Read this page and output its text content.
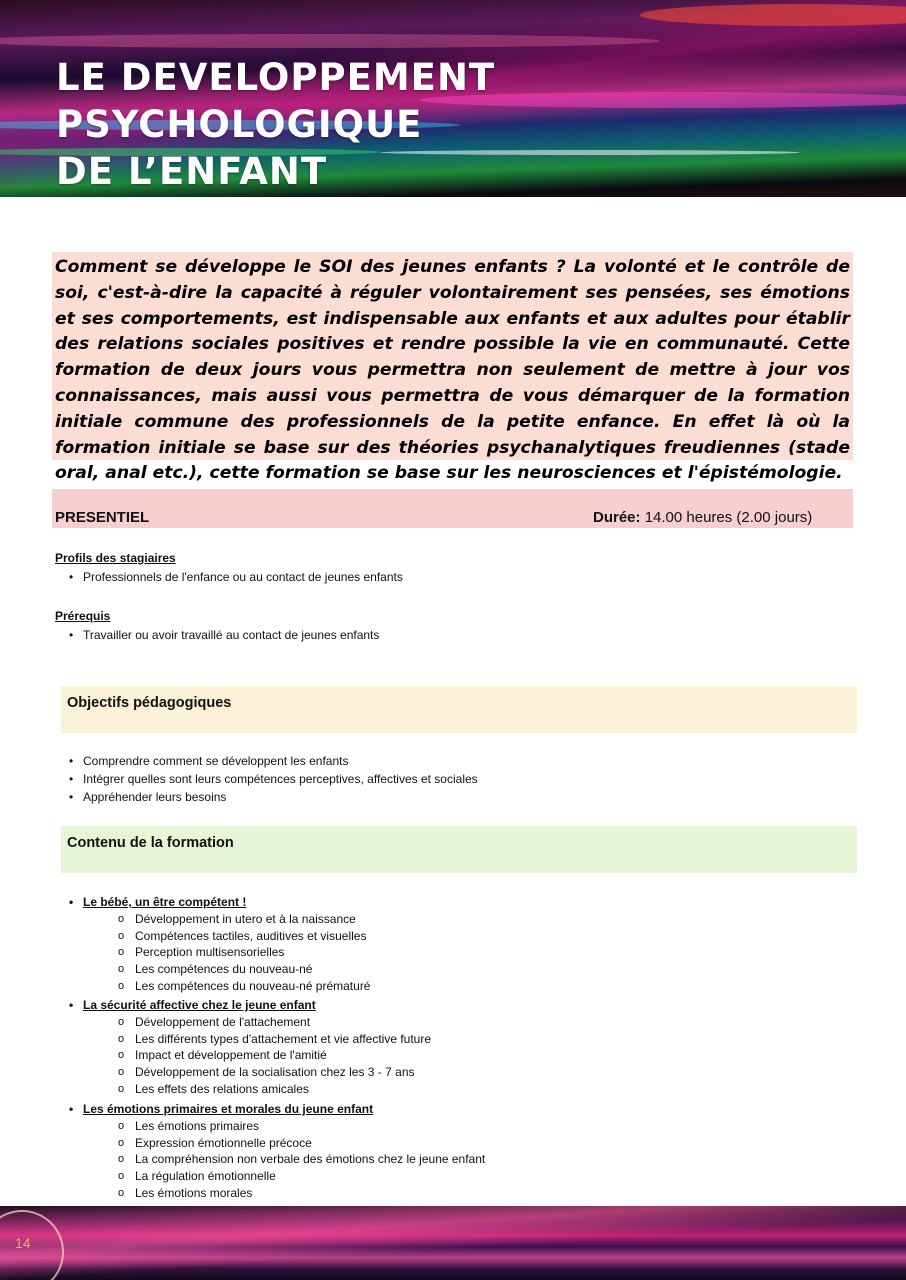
LE DEVELOPPEMENT PSYCHOLOGIQUE
DE L’ENFANT
Comment se développe le SOI des jeunes enfants ? La volonté et le contrôle de soi, c'est-à-dire la capacité à réguler volontairement ses pensées, ses émotions et ses comportements, est indispensable aux enfants et aux adultes pour établir des relations sociales positives et rendre possible la vie en communauté. Cette formation de deux jours vous permettra non seulement de mettre à jour vos connaissances, mais aussi vous permettra de vous démarquer de la formation initiale commune des professionnels de la petite enfance. En effet là où la formation initiale se base sur des théories psychanalytiques freudiennes (stade oral, anal etc.), cette formation se base sur les neurosciences et l'épistémologie.
PRESENTIEL	Durée: 14.00 heures (2.00 jours)
Profils des stagiaires
• Professionnels de l'enfance ou au contact de jeunes enfants
Prérequis
• Travailler ou avoir travaillé au contact de jeunes enfants
Objectifs pédagogiques
• Comprendre comment se développent les enfants
• Intégrer quelles sont leurs compétences perceptives, affectives et sociales
• Appréhender leurs besoins
Contenu de la formation
• Le bébé, un être compétent !
o Développement in utero et à la naissance
o Compétences tactiles, auditives et visuelles
o Perception multisensorielles
o Les compétences du nouveau-né
o Les compétences du nouveau-né prématuré
• La sécurité affective chez le jeune enfant
o Développement de l'attachement
o Les différents types d'attachement et vie affective future
o Impact et développement de l'amitié
o Développement de la socialisation chez les 3 - 7 ans
o Les effets des relations amicales
• Les émotions primaires et morales du jeune enfant
o Les émotions primaires
o Expression émotionnelle précoce
o La compréhension non verbale des émotions chez le jeune enfant
o La régulation émotionnelle
o Les émotions morales
14
